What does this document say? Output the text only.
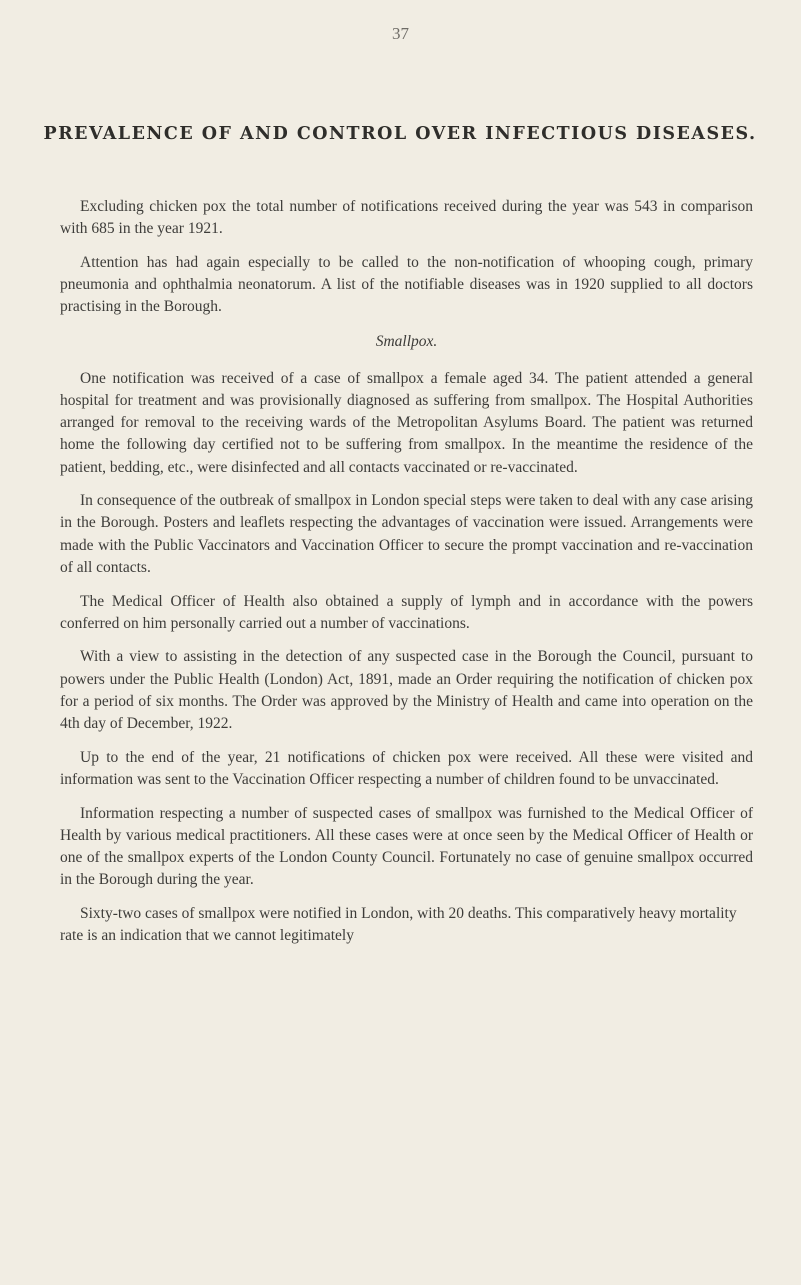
37
PREVALENCE OF AND CONTROL OVER INFECTIOUS DISEASES.

Excluding chicken pox the total number of notifications received during the year was 543 in comparison with 685 in the year 1921.

Attention has had again especially to be called to the non-notification of whooping cough, primary pneumonia and ophthalmia neonatorum. A list of the notifiable diseases was in 1920 supplied to all doctors practising in the Borough.

Smallpox.

One notification was received of a case of smallpox a female aged 34. The patient attended a general hospital for treatment and was provisionally diagnosed as suffering from smallpox. The Hospital Authorities arranged for removal to the receiving wards of the Metropolitan Asylums Board. The patient was returned home the following day certified not to be suffering from smallpox. In the meantime the residence of the patient, bedding, etc., were disinfected and all contacts vaccinated or re-vaccinated.

In consequence of the outbreak of smallpox in London special steps were taken to deal with any case arising in the Borough. Posters and leaflets respecting the advantages of vaccination were issued. Arrangements were made with the Public Vaccinators and Vaccination Officer to secure the prompt vaccination and re-vaccination of all contacts.

The Medical Officer of Health also obtained a supply of lymph and in accordance with the powers conferred on him personally carried out a number of vaccinations.

With a view to assisting in the detection of any suspected case in the Borough the Council, pursuant to powers under the Public Health (London) Act, 1891, made an Order requiring the notification of chicken pox for a period of six months. The Order was approved by the Ministry of Health and came into operation on the 4th day of December, 1922.

Up to the end of the year, 21 notifications of chicken pox were received. All these were visited and information was sent to the Vaccination Officer respecting a number of children found to be unvaccinated.

Information respecting a number of suspected cases of smallpox was furnished to the Medical Officer of Health by various medical practitioners. All these cases were at once seen by the Medical Officer of Health or one of the smallpox experts of the London County Council. Fortunately no case of genuine smallpox occurred in the Borough during the year.

Sixty-two cases of smallpox were notified in London, with 20 deaths. This comparatively heavy mortality rate is an indication that we cannot legitimately
